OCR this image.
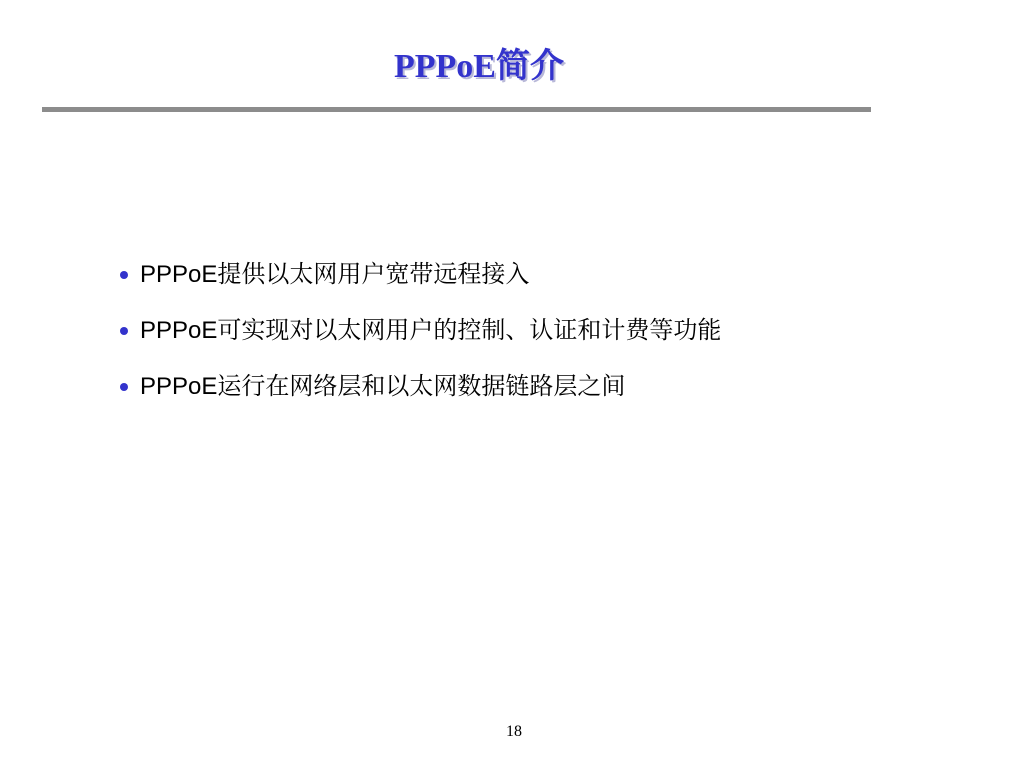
PPPoE简介
PPPoE提供以太网用户宽带远程接入
PPPoE可实现对以太网用户的控制、认证和计费等功能
PPPoE运行在网络层和以太网数据链路层之间
18
